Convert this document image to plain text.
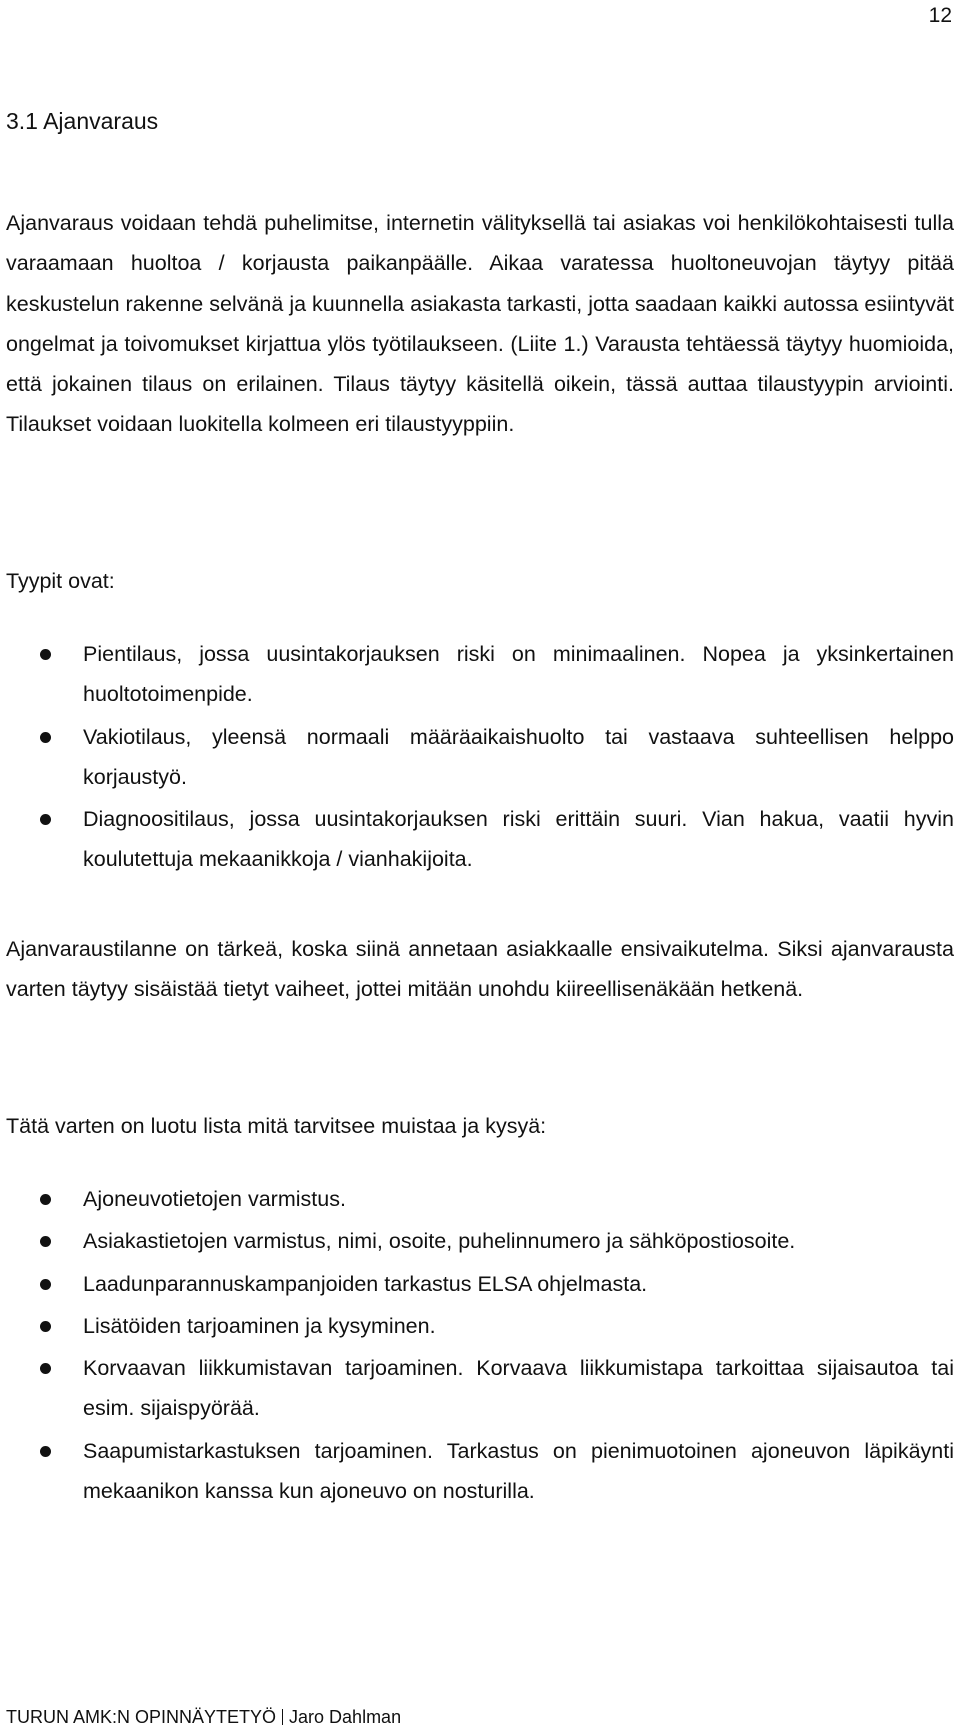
12
3.1 Ajanvaraus

Ajanvaraus voidaan tehdä puhelimitse, internetin välityksellä tai asiakas voi henkilökohtaisesti tulla varaamaan huoltoa / korjausta paikanpäälle. Aikaa varatessa huoltoneuvojan täytyy pitää keskustelun rakenne selvänä ja kuunnella asiakasta tarkasti, jotta saadaan kaikki autossa esiintyvät ongelmat ja toivomukset kirjattua ylös työtilaukseen. (Liite 1.) Varausta tehtäessä täytyy huomioida, että jokainen tilaus on erilainen. Tilaus täytyy käsitellä oikein, tässä auttaa tilaustyypin arviointi. Tilaukset voidaan luokitella kolmeen eri tilaustyyppiin.

Tyypit ovat:

Pientilaus, jossa uusintakorjauksen riski on minimaalinen. Nopea ja yksinkertainen huoltotoimenpide.
Vakiotilaus, yleensä normaali määräaikaishuolto tai vastaava suhteellisen helppo korjaustyö.
Diagnoositilaus, jossa uusintakorjauksen riski erittäin suuri. Vian hakua, vaatii hyvin koulutettuja mekaanikkoja / vianhakijoita.

Ajanvaraustilanne on tärkeä, koska siinä annetaan asiakkaalle ensivaikutelma. Siksi ajanvarausta varten täytyy sisäistää tietyt vaiheet, jottei mitään unohdu kiireellisenäkään hetkenä.

Tätä varten on luotu lista mitä tarvitsee muistaa ja kysyä:

Ajoneuvotietojen varmistus.
Asiakastietojen varmistus, nimi, osoite, puhelinnumero ja sähköpostiosoite.
Laadunparannuskampanjoiden tarkastus ELSA ohjelmasta.
Lisätöiden tarjoaminen ja kysyminen.
Korvaavan liikkumistavan tarjoaminen. Korvaava liikkumistapa tarkoittaa sijaisautoa tai esim. sijaispyörää.
Saapumistarkastuksen tarjoaminen. Tarkastus on pienimuotoinen ajoneuvon läpikäynti mekaanikon kanssa kun ajoneuvo on nosturilla.
TURUN AMK:N OPINNÄYTETYÖ Jaro Dahlman
